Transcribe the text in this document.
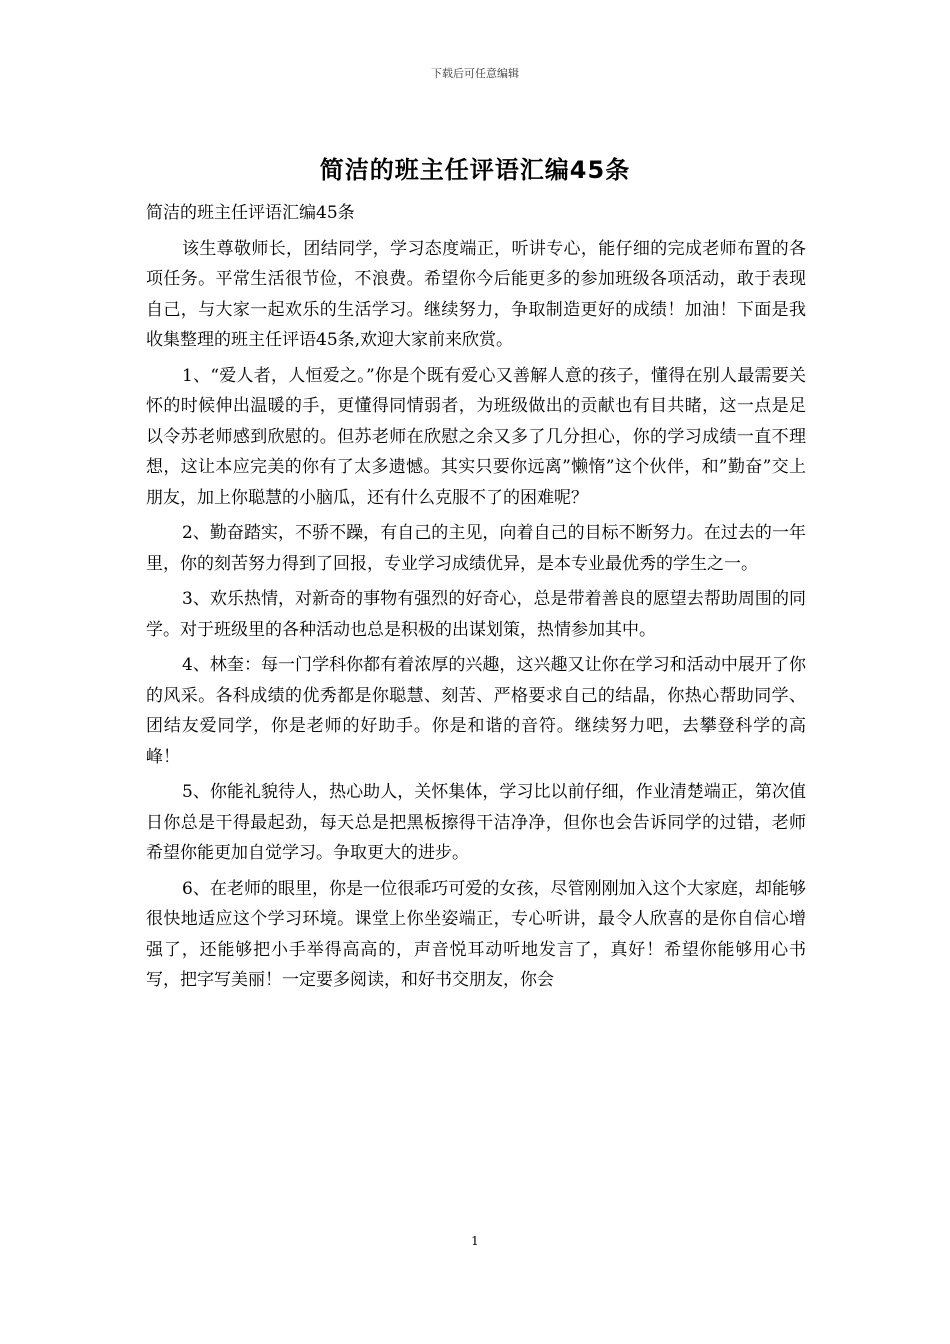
下载后可任意编辑
简洁的班主任评语汇编45条

简洁的班主任评语汇编45条

该生尊敬师长，团结同学，学习态度端正，听讲专心，能仔细的完成老师布置的各项任务。平常生活很节俭，不浪费。希望你今后能更多的参加班级各项活动，敢于表现自己，与大家一起欢乐的生活学习。继续努力，争取制造更好的成绩！加油！下面是我收集整理的班主任评语45条,欢迎大家前来欣赏。

1、“爱人者，人恒爱之。”你是个既有爱心又善解人意的孩子，懂得在别人最需要关怀的时候伸出温暖的手，更懂得同情弱者，为班级做出的贡献也有目共睹，这一点是足以令苏老师感到欣慰的。但苏老师在欣慰之余又多了几分担心，你的学习成绩一直不理想，这让本应完美的你有了太多遗憾。其实只要你远离”懒惰”这个伙伴，和”勤奋”交上朋友，加上你聪慧的小脑瓜，还有什么克服不了的困难呢？

2、勤奋踏实，不骄不躁，有自己的主见，向着自己的目标不断努力。在过去的一年里，你的刻苦努力得到了回报，专业学习成绩优异，是本专业最优秀的学生之一。

3、欢乐热情，对新奇的事物有强烈的好奇心，总是带着善良的愿望去帮助周围的同学。对于班级里的各种活动也总是积极的出谋划策，热情参加其中。

4、林奎：每一门学科你都有着浓厚的兴趣，这兴趣又让你在学习和活动中展开了你的风采。各科成绩的优秀都是你聪慧、刻苦、严格要求自己的结晶，你热心帮助同学、团结友爱同学，你是老师的好助手。你是和谐的音符。继续努力吧，去攀登科学的高峰！

5、你能礼貌待人，热心助人，关怀集体，学习比以前仔细，作业清楚端正，第次值日你总是干得最起劲，每天总是把黑板擦得干洁净净，但你也会告诉同学的过错，老师希望你能更加自觉学习。争取更大的进步。

6、在老师的眼里，你是一位很乖巧可爱的女孩，尽管刚刚加入这个大家庭，却能够很快地适应这个学习环境。课堂上你坐姿端正，专心听讲，最令人欣喜的是你自信心增强了，还能够把小手举得高高的，声音悦耳动听地发言了，真好！希望你能够用心书写，把字写美丽！一定要多阅读，和好书交朋友，你会

1
